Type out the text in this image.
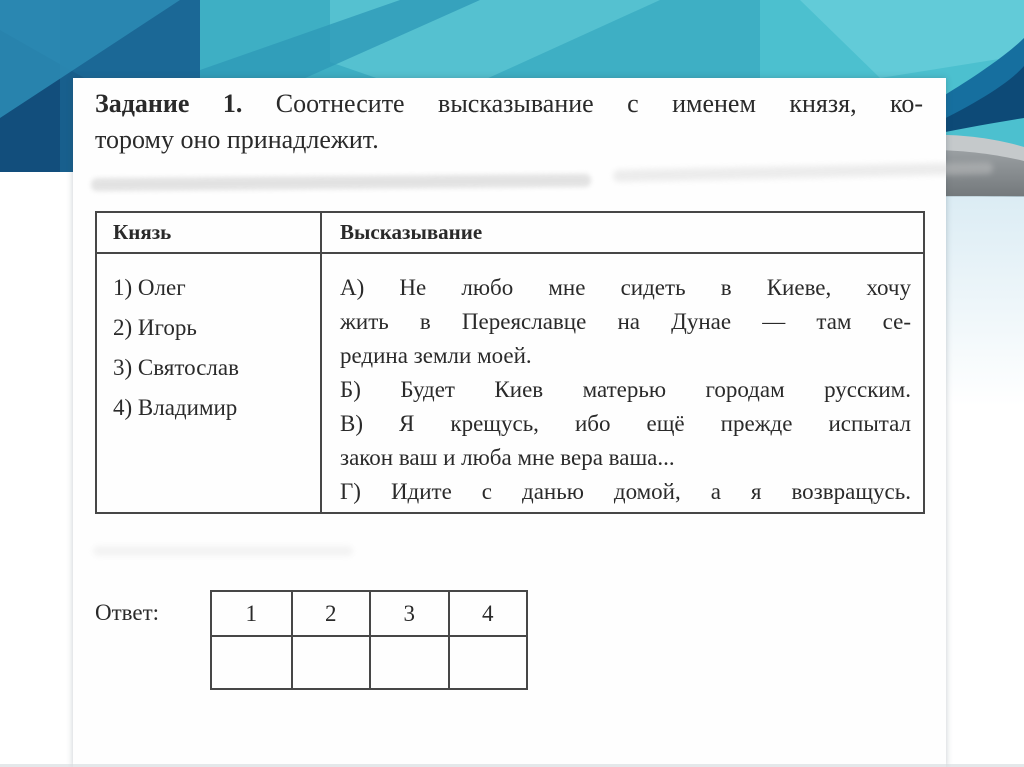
Задание 1. Соотнесите высказывание с именем князя, ко-
торому оно принадлежит.
Князь	Высказывание
1) Олег
2) Игорь
3) Святослав
4) Владимир
А) Не любо мне сидеть в Киеве, хочу
жить в Переяславце на Дунае — там се-
редина земли моей.
Б) Будет Киев матерью городам русским.
В) Я крещусь, ибо ещё прежде испытал
закон ваш и люба мне вера ваша...
Г) Идите с данью домой, а я возвращусь.
Ответ:	1	2	3	4
